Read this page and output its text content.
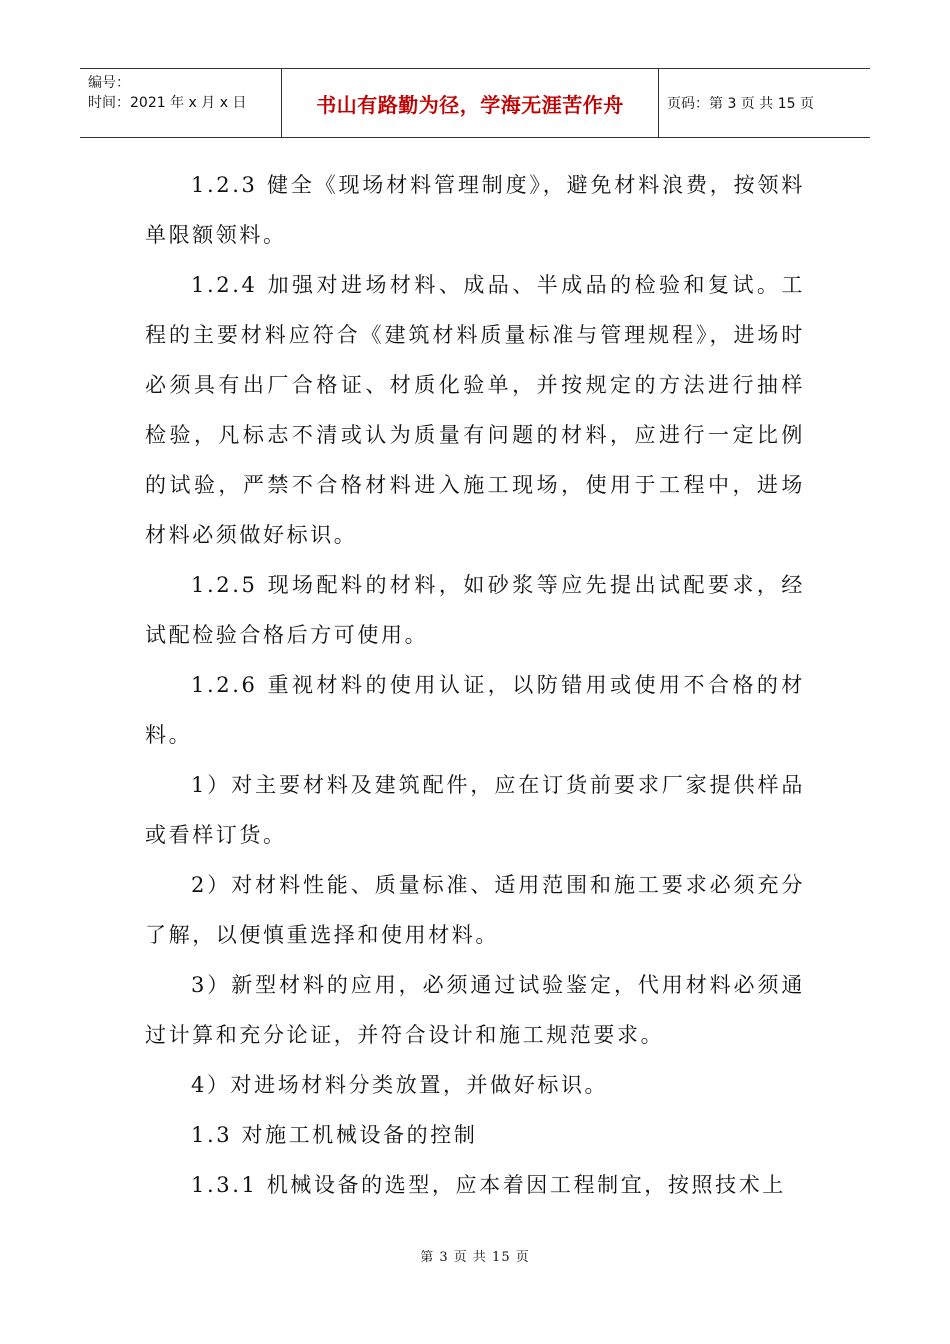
编号：
时间：2021 年 x 月 x 日	书山有路勤为径，学海无涯苦作舟	页码：第 3 页 共 15 页

1.2.3 健全《现场材料管理制度》，避免材料浪费，按领料单限额领料。

1.2.4 加强对进场材料、成品、半成品的检验和复试。工程的主要材料应符合《建筑材料质量标准与管理规程》，进场时必须具有出厂合格证、材质化验单，并按规定的方法进行抽样检验，凡标志不清或认为质量有问题的材料，应进行一定比例的试验，严禁不合格材料进入施工现场，使用于工程中，进场材料必须做好标识。

1.2.5 现场配料的材料，如砂浆等应先提出试配要求，经试配检验合格后方可使用。

1.2.6 重视材料的使用认证，以防错用或使用不合格的材料。

1）对主要材料及建筑配件，应在订货前要求厂家提供样品或看样订货。

2）对材料性能、质量标准、适用范围和施工要求必须充分了解，以便慎重选择和使用材料。

3）新型材料的应用，必须通过试验鉴定，代用材料必须通过计算和充分论证，并符合设计和施工规范要求。

4）对进场材料分类放置，并做好标识。

1.3 对施工机械设备的控制

1.3.1 机械设备的选型，应本着因工程制宜，按照技术上

第 3 页 共 15 页
